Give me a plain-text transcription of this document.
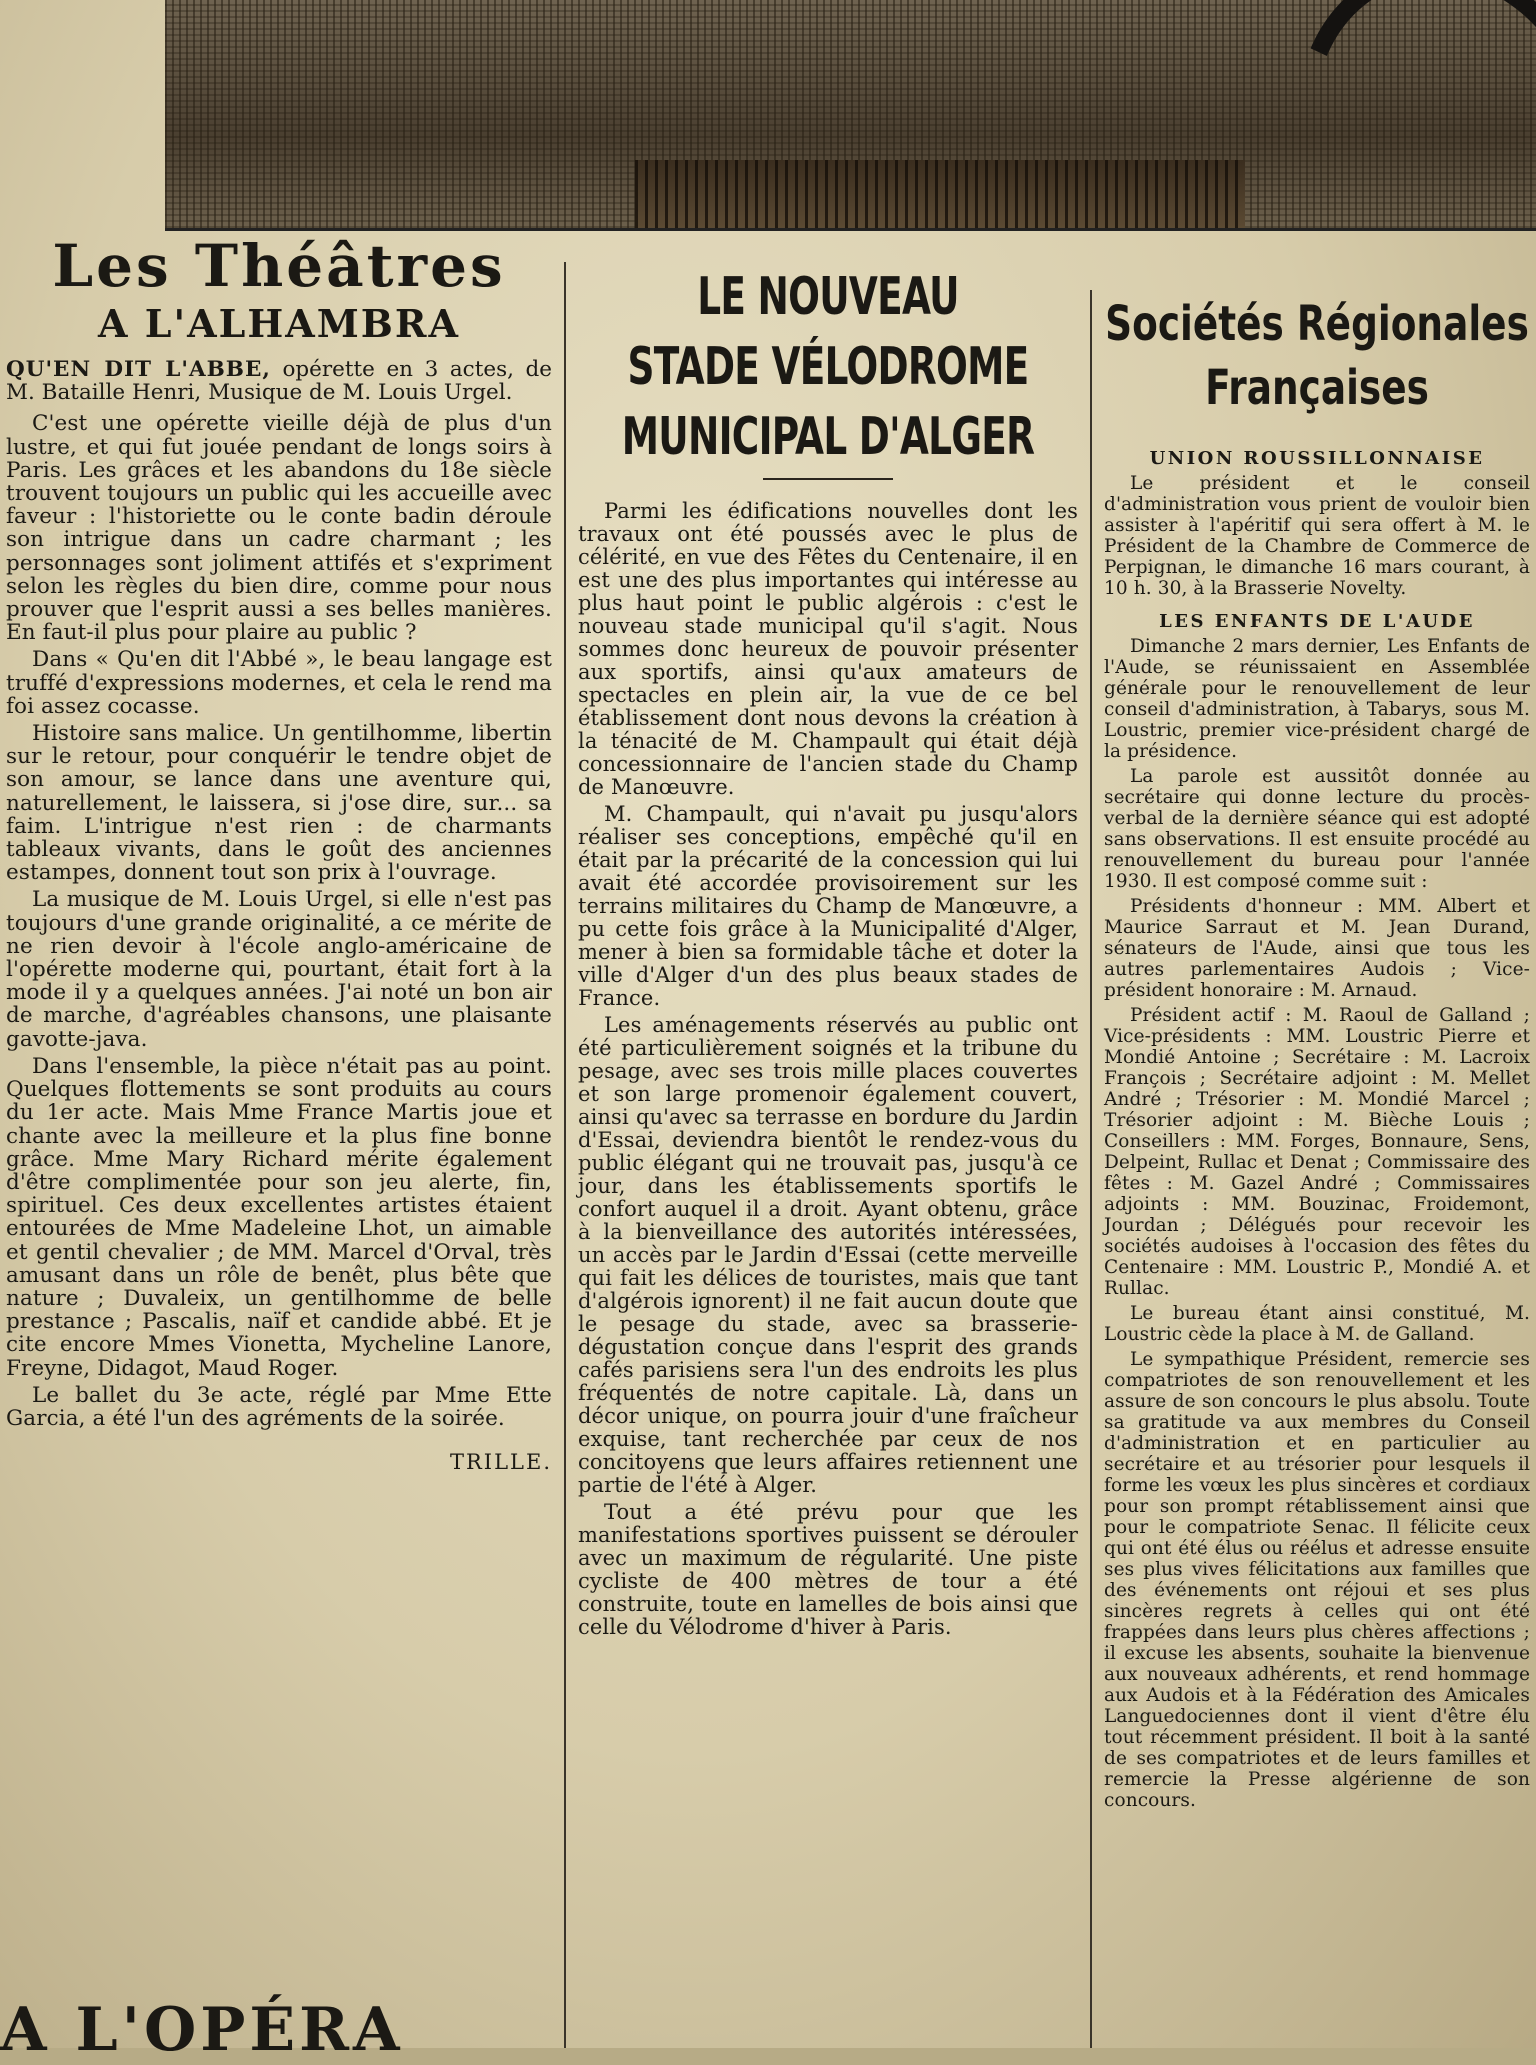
Les Théâtres
A L'ALHAMBRA
QU'EN DIT L'ABBE, opérette en 3 actes, de M. Bataille Henri, Musique de M. Louis Urgel.

C'est une opérette vieille déjà de plus d'un lustre, et qui fut jouée pendant de longs soirs à Paris. Les grâces et les abandons du 18e siècle trouvent toujours un public qui les accueille avec faveur : l'historiette ou le conte badin déroule son intrigue dans un cadre charmant ; les personnages sont joliment attifés et s'expriment selon les règles du bien dire, comme pour nous prouver que l'esprit aussi a ses belles manières. En faut-il plus pour plaire au public ?

Dans « Qu'en dit l'Abbé », le beau langage est truffé d'expressions modernes, et cela le rend ma foi assez cocasse.

Histoire sans malice. Un gentilhomme, libertin sur le retour, pour conquérir le tendre objet de son amour, se lance dans une aventure qui, naturellement, le laissera, si j'ose dire, sur... sa faim. L'intrigue n'est rien : de charmants tableaux vivants, dans le goût des anciennes estampes, donnent tout son prix à l'ouvrage.

La musique de M. Louis Urgel, si elle n'est pas toujours d'une grande originalité, a ce mérite de ne rien devoir à l'école anglo-américaine de l'opérette moderne qui, pourtant, était fort à la mode il y a quelques années. J'ai noté un bon air de marche, d'agréables chansons, une plaisante gavotte-java.

Dans l'ensemble, la pièce n'était pas au point. Quelques flottements se sont produits au cours du 1er acte. Mais Mme France Martis joue et chante avec la meilleure et la plus fine bonne grâce. Mme Mary Richard mérite également d'être complimentée pour son jeu alerte, fin, spirituel. Ces deux excellentes artistes étaient entourées de Mme Madeleine Lhot, un aimable et gentil chevalier ; de MM. Marcel d'Orval, très amusant dans un rôle de benêt, plus bête que nature ; Duvaleix, un gentilhomme de belle prestance ; Pascalis, naïf et candide abbé. Et je cite encore Mmes Vionetta, Mycheline Lanore, Freyne, Didagot, Maud Roger.

Le ballet du 3e acte, réglé par Mme Ette Garcia, a été l'un des agréments de la soirée.

TRILLE.
A L'OPÉRA

LE NOUVEAU

STADE VÉLODROME

MUNICIPAL D'ALGER

Parmi les édifications nouvelles dont les travaux ont été poussés avec le plus de célérité, en vue des Fêtes du Centenaire, il en est une des plus importantes qui intéresse au plus haut point le public algérois : c'est le nouveau stade municipal qu'il s'agit. Nous sommes donc heureux de pouvoir présenter aux sportifs, ainsi qu'aux amateurs de spectacles en plein air, la vue de ce bel établissement dont nous devons la création à la ténacité de M. Champault qui était déjà concessionnaire de l'ancien stade du Champ de Manœuvre.

M. Champault, qui n'avait pu jusqu'alors réaliser ses conceptions, empêché qu'il en était par la précarité de la concession qui lui avait été accordée provisoirement sur les terrains militaires du Champ de Manœuvre, a pu cette fois grâce à la Municipalité d'Alger, mener à bien sa formidable tâche et doter la ville d'Alger d'un des plus beaux stades de France.

Les aménagements réservés au public ont été particulièrement soignés et la tribune du pesage, avec ses trois mille places couvertes et son large promenoir également couvert, ainsi qu'avec sa terrasse en bordure du Jardin d'Essai, deviendra bientôt le rendez-vous du public élégant qui ne trouvait pas, jusqu'à ce jour, dans les établissements sportifs le confort auquel il a droit. Ayant obtenu, grâce à la bienveillance des autorités intéressées, un accès par le Jardin d'Essai (cette merveille qui fait les délices de touristes, mais que tant d'algérois ignorent) il ne fait aucun doute que le pesage du stade, avec sa brasserie-dégustation conçue dans l'esprit des grands cafés parisiens sera l'un des endroits les plus fréquentés de notre capitale. Là, dans un décor unique, on pourra jouir d'une fraîcheur exquise, tant recherchée par ceux de nos concitoyens que leurs affaires retiennent une partie de l'été à Alger.

Tout a été prévu pour que les manifestations sportives puissent se dérouler avec un maximum de régularité. Une piste cycliste de 400 mètres de tour a été construite, toute en lamelles de bois ainsi que celle du Vélodrome d'hiver à Paris.

Sociétés Régionales

Françaises

UNION ROUSSILLONNAISE

Le président et le conseil d'administration vous prient de vouloir bien assister à l'apéritif qui sera offert à M. le Président de la Chambre de Commerce de Perpignan, le dimanche 16 mars courant, à 10 h. 30, à la Brasserie Novelty.

LES ENFANTS DE L'AUDE

Dimanche 2 mars dernier, Les Enfants de l'Aude, se réunissaient en Assemblée générale pour le renouvellement de leur conseil d'administration, à Tabarys, sous M. Loustric, premier vice-président chargé de la présidence.

La parole est aussitôt donnée au secrétaire qui donne lecture du procès-verbal de la dernière séance qui est adopté sans observations. Il est ensuite procédé au renouvellement du bureau pour l'année 1930. Il est composé comme suit :

Présidents d'honneur : MM. Albert et Maurice Sarraut et M. Jean Durand, sénateurs de l'Aude, ainsi que tous les autres parlementaires Audois ; Vice-président honoraire : M. Arnaud.

Président actif : M. Raoul de Galland ; Vice-présidents : MM. Loustric Pierre et Mondié Antoine ; Secrétaire : M. Lacroix François ; Secrétaire adjoint : M. Mellet André ; Trésorier : M. Mondié Marcel ; Trésorier adjoint : M. Bièche Louis ; Conseillers : MM. Forges, Bonnaure, Sens, Delpeint, Rullac et Denat ; Commissaire des fêtes : M. Gazel André ; Commissaires adjoints : MM. Bouzinac, Froidemont, Jourdan ; Délégués pour recevoir les sociétés audoises à l'occasion des fêtes du Centenaire : MM. Loustric P., Mondié A. et Rullac.

Le bureau étant ainsi constitué, M. Loustric cède la place à M. de Galland.

Le sympathique Président, remercie ses compatriotes de son renouvellement et les assure de son concours le plus absolu. Toute sa gratitude va aux membres du Conseil d'administration et en particulier au secrétaire et au trésorier pour lesquels il forme les vœux les plus sincères et cordiaux pour son prompt rétablissement ainsi que pour le compatriote Senac. Il félicite ceux qui ont été élus ou réélus et adresse ensuite ses plus vives félicitations aux familles que des événements ont réjoui et ses plus sincères regrets à celles qui ont été frappées dans leurs plus chères affections ; il excuse les absents, souhaite la bienvenue aux nouveaux adhérents, et rend hommage aux Audois et à la Fédération des Amicales Languedociennes dont il vient d'être élu tout récemment président. Il boit à la santé de ses compatriotes et de leurs familles et remercie la Presse algérienne de son concours.
